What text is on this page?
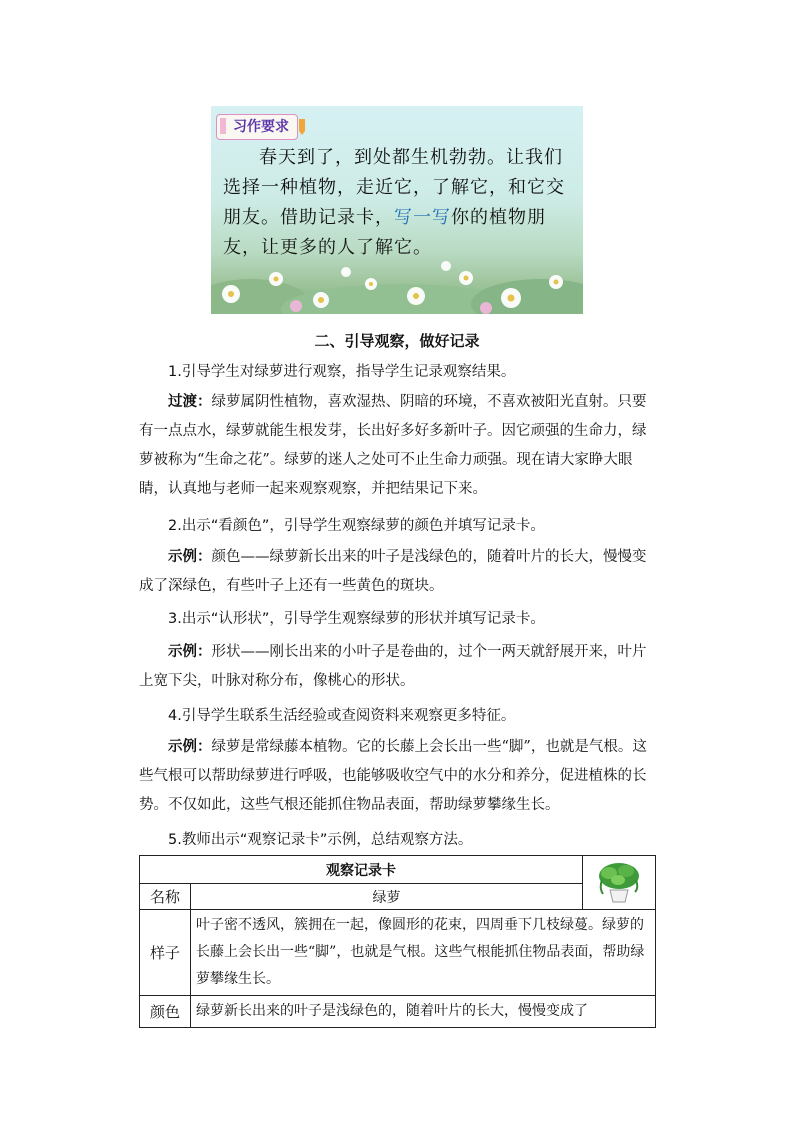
习作要求
春天到了，到处都生机勃勃。让我们选择一种植物，走近它，了解它，和它交朋友。借助记录卡，写一写你的植物朋友，让更多的人了解它。
二、引导观察，做好记录
1.引导学生对绿萝进行观察，指导学生记录观察结果。
过渡：绿萝属阴性植物，喜欢湿热、阴暗的环境，不喜欢被阳光直射。只要有一点点水，绿萝就能生根发芽，长出好多好多新叶子。因它顽强的生命力，绿萝被称为“生命之花”。绿萝的迷人之处可不止生命力顽强。现在请大家睁大眼睛，认真地与老师一起来观察观察，并把结果记下来。
2.出示“看颜色”，引导学生观察绿萝的颜色并填写记录卡。
示例：颜色——绿萝新长出来的叶子是浅绿色的，随着叶片的长大，慢慢变成了深绿色，有些叶子上还有一些黄色的斑块。
3.出示“认形状”，引导学生观察绿萝的形状并填写记录卡。
示例：形状——刚长出来的小叶子是卷曲的，过个一两天就舒展开来，叶片上宽下尖，叶脉对称分布，像桃心的形状。
4.引导学生联系生活经验或查阅资料来观察更多特征。
示例：绿萝是常绿藤本植物。它的长藤上会长出一些“脚”，也就是气根。这些气根可以帮助绿萝进行呼吸，也能够吸收空气中的水分和养分，促进植株的长势。不仅如此，这些气根还能抓住物品表面，帮助绿萝攀缘生长。
5.教师出示“观察记录卡”示例，总结观察方法。
观察记录卡	
名称	绿萝	
样子	叶子密不透风，簇拥在一起，像圆形的花束，四周垂下几枝绿蔓。绿萝的长藤上会长出一些“脚”，也就是气根。这些气根能抓住物品表面，帮助绿萝攀缘生长。	
颜色	绿萝新长出来的叶子是浅绿色的，随着叶片的长大，慢慢变成了	
